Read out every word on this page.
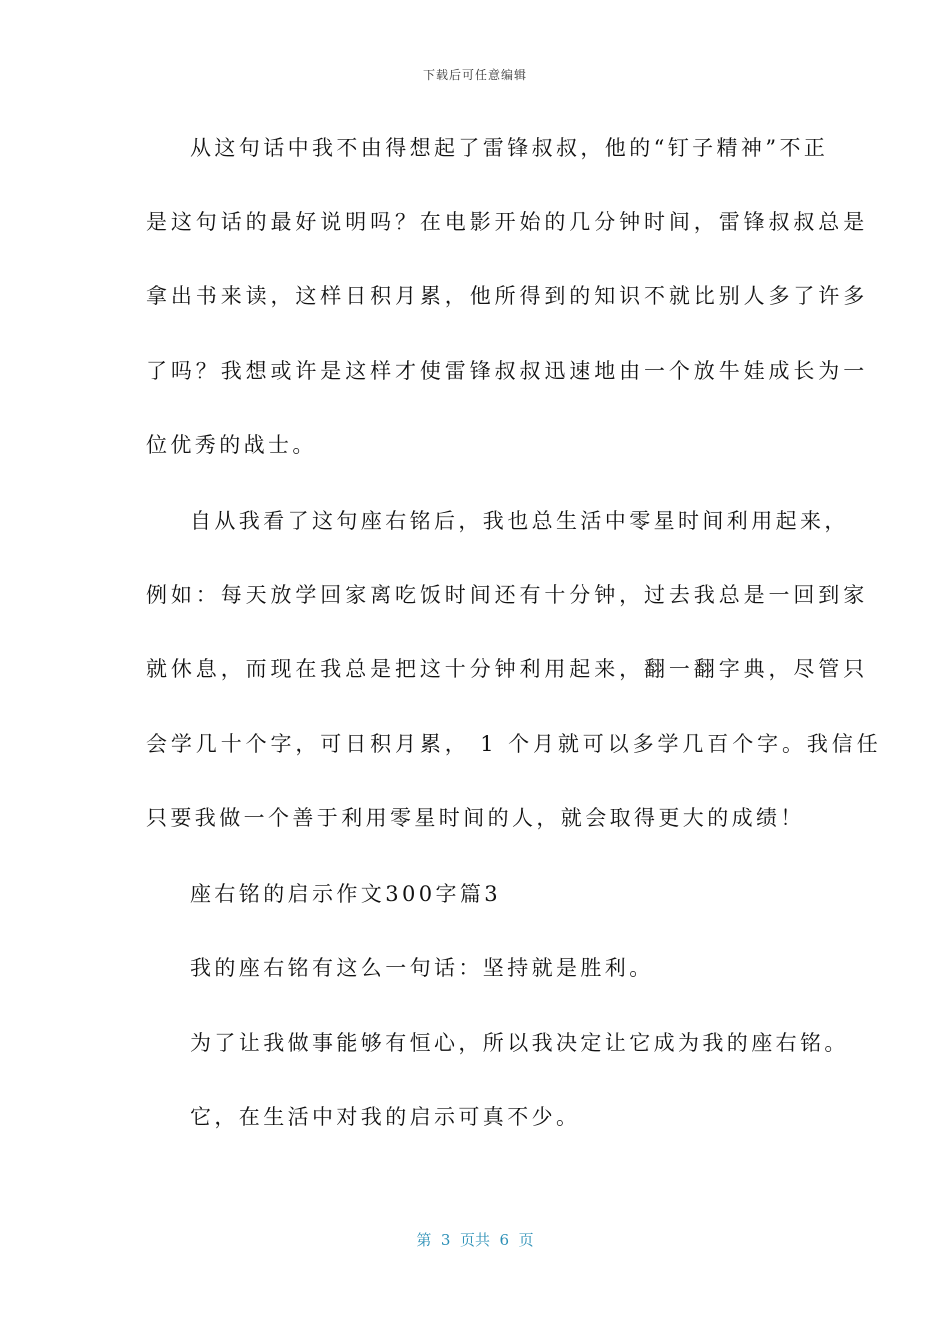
下载后可任意编辑
从这句话中我不由得想起了雷锋叔叔，他的“钉子精神”不正
是这句话的最好说明吗？在电影开始的几分钟时间，雷锋叔叔总是
拿出书来读，这样日积月累，他所得到的知识不就比别人多了许多
了吗？我想或许是这样才使雷锋叔叔迅速地由一个放牛娃成长为一
位优秀的战士。
自从我看了这句座右铭后，我也总生活中零星时间利用起来，
例如：每天放学回家离吃饭时间还有十分钟，过去我总是一回到家
就休息，而现在我总是把这十分钟利用起来，翻一翻字典，尽管只
会学几十个字，可日积月累， 1 个月就可以多学几百个字。我信任
只要我做一个善于利用零星时间的人，就会取得更大的成绩！
座右铭的启示作文300字篇3
我的座右铭有这么一句话：坚持就是胜利。
为了让我做事能够有恒心，所以我决定让它成为我的座右铭。
它，在生活中对我的启示可真不少。
第  3  页共  6  页
